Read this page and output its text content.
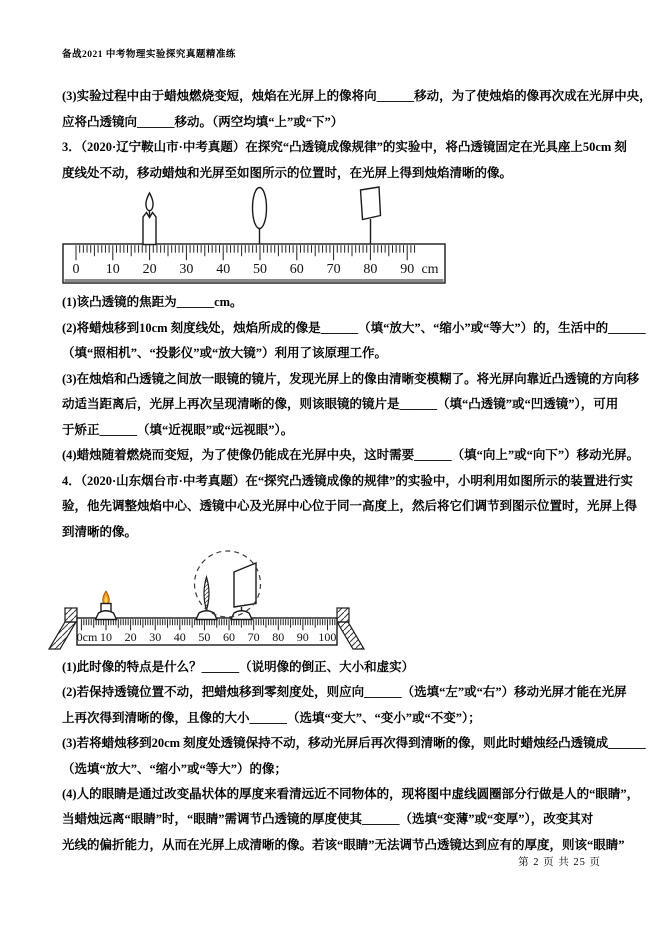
备战2021 中考物理实验探究真题精准练
(3)实验过程中由于蜡烛燃烧变短，烛焰在光屏上的像将向______移动，为了使烛焰的像再次成在光屏中央，
应将凸透镜向______移动。（两空均填“上”或“下”）
3．（2020·辽宁鞍山市·中考真题）在探究“凸透镜成像规律”的实验中，将凸透镜固定在光具座上50cm 刻
度线处不动，移动蜡烛和光屏至如图所示的位置时，在光屏上得到烛焰清晰的像。
0 10 20 30 40 50 60 70 80 90 cm
(1)该凸透镜的焦距为______cm。
(2)将蜡烛移到10cm 刻度线处，烛焰所成的像是______（填“放大”、“缩小”或“等大”）的，生活中的______
（填“照相机”、“投影仪”或“放大镜”）利用了该原理工作。
(3)在烛焰和凸透镜之间放一眼镜的镜片，发现光屏上的像由清晰变模糊了。将光屏向靠近凸透镜的方向移
动适当距离后，光屏上再次呈现清晰的像，则该眼镜的镜片是______（填“凸透镜”或“凹透镜”），可用
于矫正______（填“近视眼”或“远视眼”）。
(4)蜡烛随着燃烧而变短，为了使像仍能成在光屏中央，这时需要______（填“向上”或“向下”）移动光屏。
4．（2020·山东烟台市·中考真题）在“探究凸透镜成像的规律”的实验中，小明利用如图所示的装置进行实
验，他先调整烛焰中心、透镜中心及光屏中心位于同一高度上，然后将它们调节到图示位置时，光屏上得
到清晰的像。
0cm 10 20 30 40 50 60 70 80 90 100
(1)此时像的特点是什么？______（说明像的倒正、大小和虚实）
(2)若保持透镜位置不动，把蜡烛移到零刻度处，则应向______（选填“左”或“右”）移动光屏才能在光屏
上再次得到清晰的像，且像的大小______（选填“变大”、“变小”或“不变”）；
(3)若将蜡烛移到20cm 刻度处透镜保持不动，移动光屏后再次得到清晰的像，则此时蜡烛经凸透镜成______
（选填“放大”、“缩小”或“等大”）的像；
(4)人的眼睛是通过改变晶状体的厚度来看清远近不同物体的，现将图中虚线圆圈部分行做是人的“眼睛”，
当蜡烛远离“眼睛”时，“眼睛”需调节凸透镜的厚度使其______（选填“变薄”或“变厚”），改变其对
光线的偏折能力，从而在光屏上成清晰的像。若该“眼睛”无法调节凸透镜达到应有的厚度，则该“眼睛”
第 2 页 共 25 页
